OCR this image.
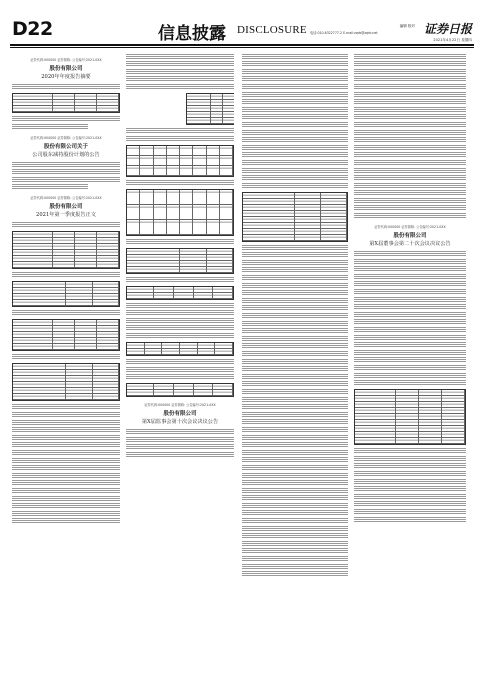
D22	信息披露 DISCLOSURE 电话:010-6322777-2 E-mail:zqrb@zqrb.net
编辑 校对 证券日报
2021年4月22日 星期四
证券代码:000000 证券简称: 公告编号:2021-0XX
股份有限公司
2020年年度报告摘要
证券代码:000000 证券简称: 公告编号:2021-0XX
股份有限公司关于
公司股东减持股份计划的公告
证券代码:000000 证券简称: 公告编号:2021-0XX
股份有限公司
2021年第一季度报告正文
证券代码:000000 证券简称: 公告编号:2021-0XX
股份有限公司
第X届监事会第十次会议决议公告
证券代码:000000 证券简称: 公告编号:2021-0XX
股份有限公司
第X届董事会第二十次会议决议公告
